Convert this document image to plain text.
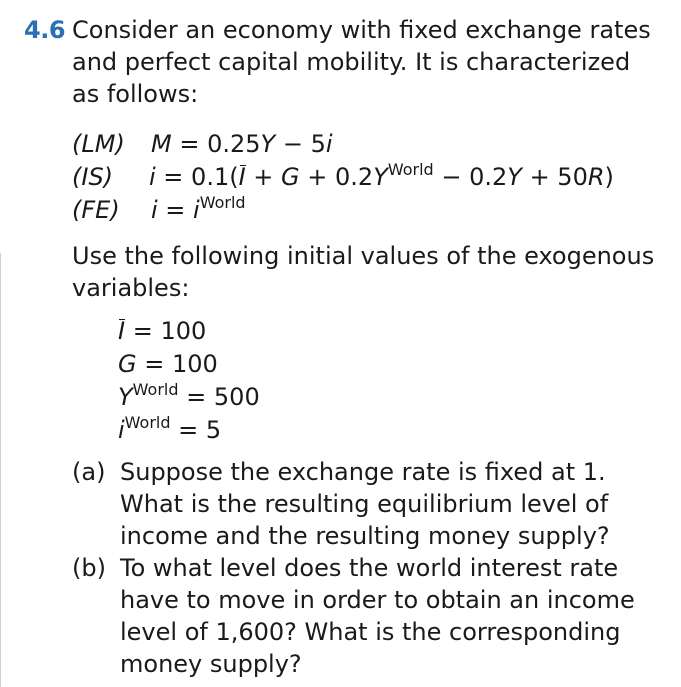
4.6 Consider an economy with fixed exchange rates and perfect capital mobility. It is characterized as follows:
(LM) M = 0.25Y − 5i
(IS) $i = 0.1(I + G + 0.2Y^{World} - 0.2Y + 50R)$
(FE) $i = i^{World}$
Use the following initial values of the exogenous variables:
I = 100
G = 100
$Y^{World} = 500$
$i^{World} = 5$
(a) Suppose the exchange rate is fixed at 1. What is the resulting equilibrium level of income and the resulting money supply?
(b) To what level does the world interest rate have to move in order to obtain an income level of 1,600? What is the corresponding money supply?
